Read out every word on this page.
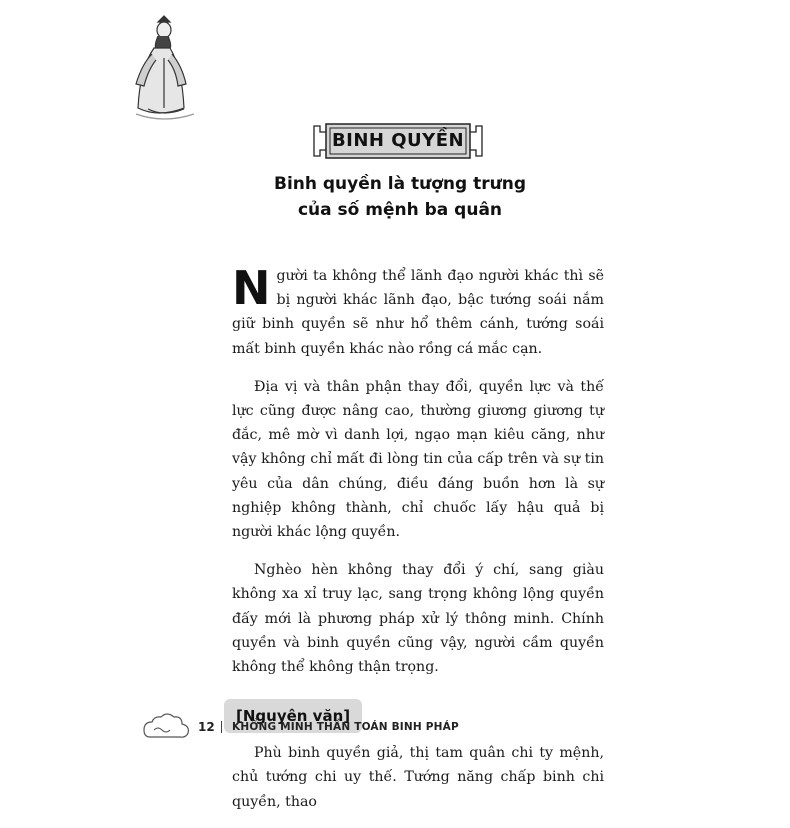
BINH QUYỀN
Binh quyền là tượng trưng
của số mệnh ba quân

Người ta không thể lãnh đạo người khác thì sẽ bị người khác lãnh đạo, bậc tướng soái nắm giữ binh quyền sẽ như hổ thêm cánh, tướng soái mất binh quyền khác nào rồng cá mắc cạn.

Địa vị và thân phận thay đổi, quyền lực và thế lực cũng được nâng cao, thường giương giương tự đắc, mê mờ vì danh lợi, ngạo mạn kiêu căng, như vậy không chỉ mất đi lòng tin của cấp trên và sự tin yêu của dân chúng, điều đáng buồn hơn là sự nghiệp không thành, chỉ chuốc lấy hậu quả bị người khác lộng quyền.

Nghèo hèn không thay đổi ý chí, sang giàu không xa xỉ truy lạc, sang trọng không lộng quyền đấy mới là phương pháp xử lý thông minh. Chính quyền và binh quyền cũng vậy, người cầm quyền không thể không thận trọng.

[Nguyên văn]

Phù binh quyền giả, thị tam quân chi ty mệnh, chủ tướng chi uy thế. Tướng năng chấp binh chi quyền, thao

12 KHỔNG MINH THẦN TOÁN BINH PHÁP
